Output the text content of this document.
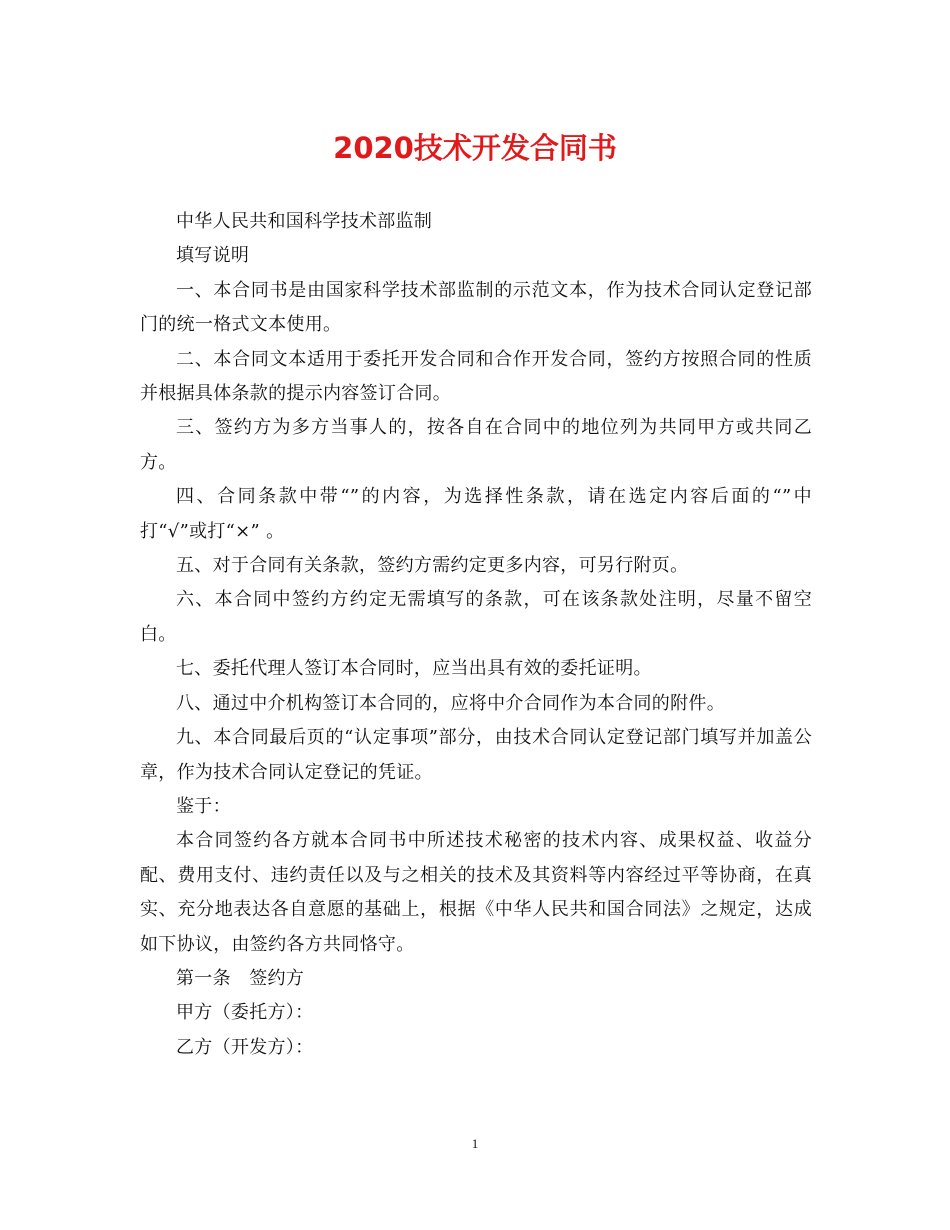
2020技术开发合同书

中华人民共和国科学技术部监制

填写说明

一、本合同书是由国家科学技术部监制的示范文本，作为技术合同认定登记部门的统一格式文本使用。

二、本合同文本适用于委托开发合同和合作开发合同，签约方按照合同的性质并根据具体条款的提示内容签订合同。

三、签约方为多方当事人的，按各自在合同中的地位列为共同甲方或共同乙方。

四、合同条款中带“”的内容，为选择性条款，请在选定内容后面的“”中打“√”或打“×” 。

五、对于合同有关条款，签约方需约定更多内容，可另行附页。

六、本合同中签约方约定无需填写的条款，可在该条款处注明，尽量不留空白。

七、委托代理人签订本合同时，应当出具有效的委托证明。

八、通过中介机构签订本合同的，应将中介合同作为本合同的附件。

九、本合同最后页的“认定事项”部分，由技术合同认定登记部门填写并加盖公章，作为技术合同认定登记的凭证。

鉴于：

本合同签约各方就本合同书中所述技术秘密的技术内容、成果权益、收益分配、费用支付、违约责任以及与之相关的技术及其资料等内容经过平等协商，在真实、充分地表达各自意愿的基础上，根据《中华人民共和国合同法》之规定，达成如下协议，由签约各方共同恪守。

第一条　签约方

甲方（委托方）：

乙方（开发方）：

1
